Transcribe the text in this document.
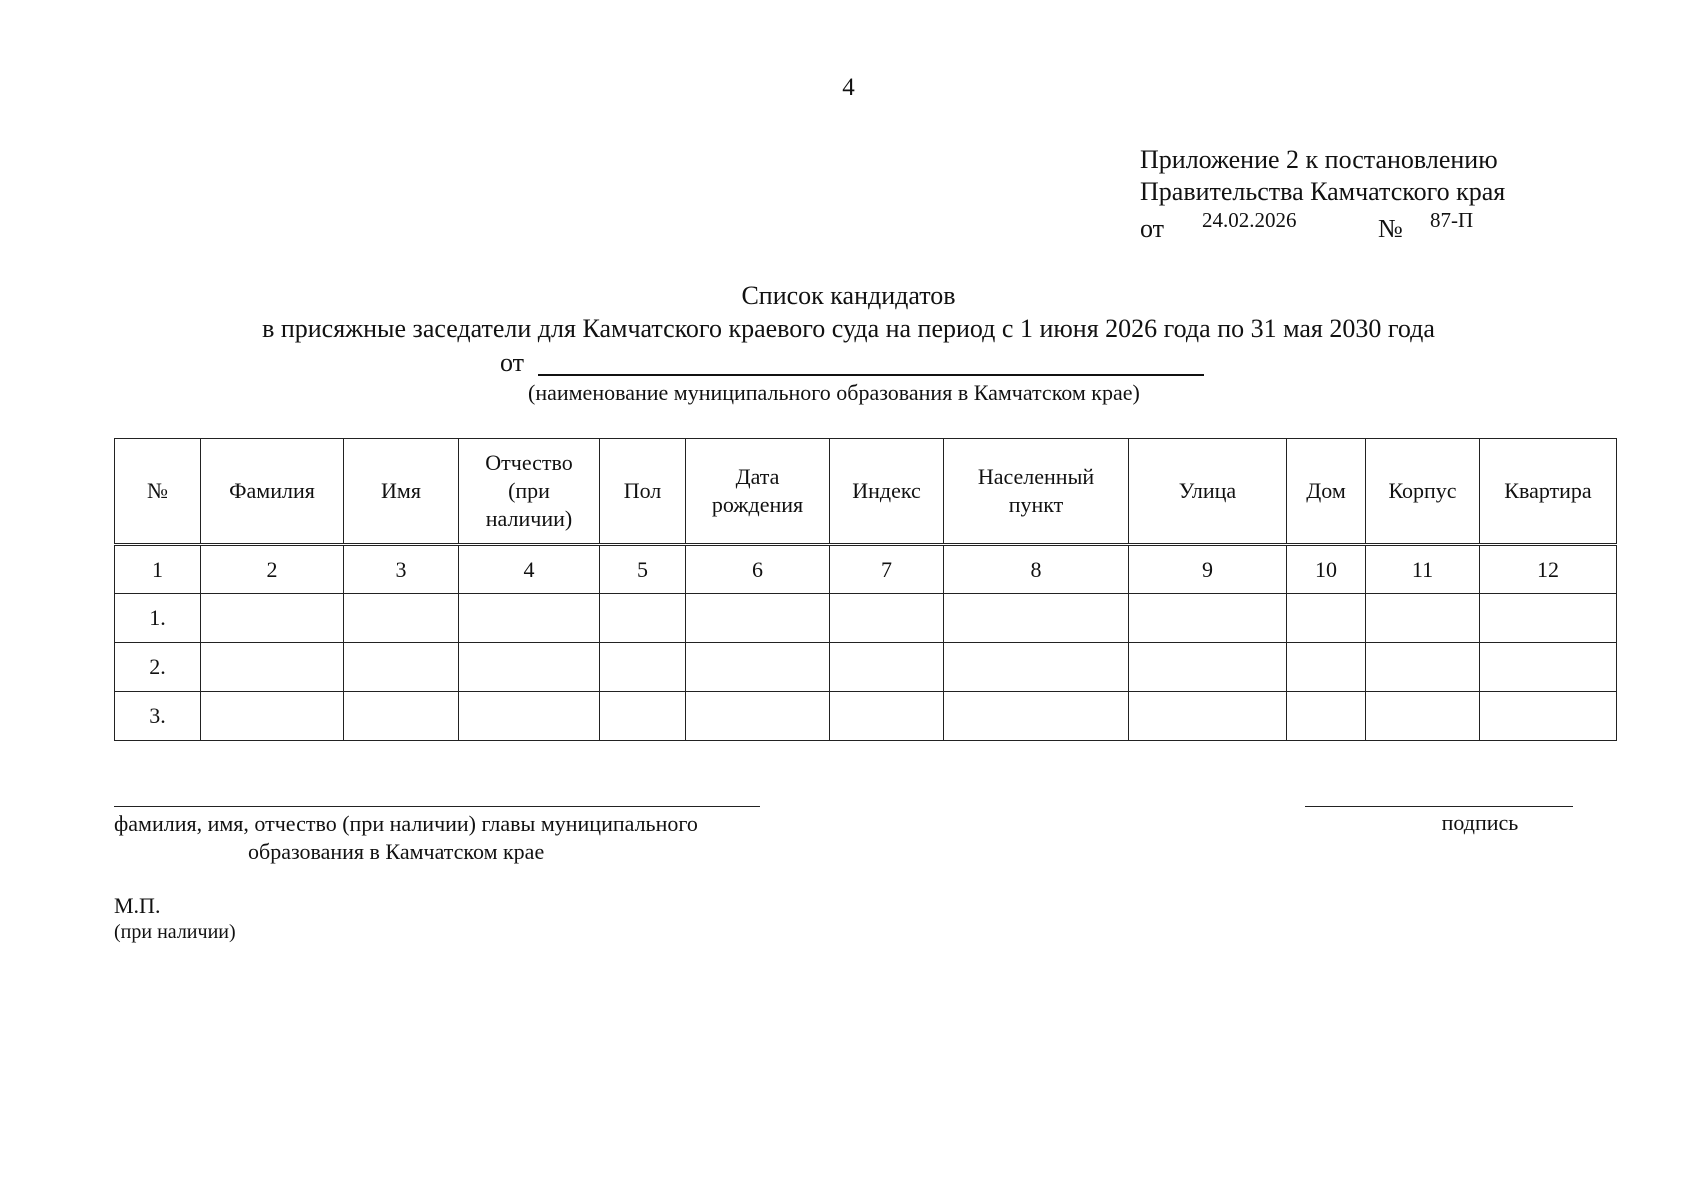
4
Приложение 2 к постановлению
Правительства Камчатского края
от 24.02.2026	№ 87-П
Список кандидатов
в присяжные заседатели для Камчатского краевого суда на период с 1 июня 2026 года по 31 мая 2030 года
от
(наименование муниципального образования в Камчатском крае)
№	Фамилия	Имя	Отчество (при наличии)	Пол	Дата рождения	Индекс	Населенный пункт	Улица	Дом	Корпус	Квартира
1	2	3	4	5	6	7	8	9	10	11	12
1.											
2.											
3.											
фамилия, имя, отчество (при наличии) главы муниципального
образования в Камчатском крае
подпись
М.П.
(при наличии)
